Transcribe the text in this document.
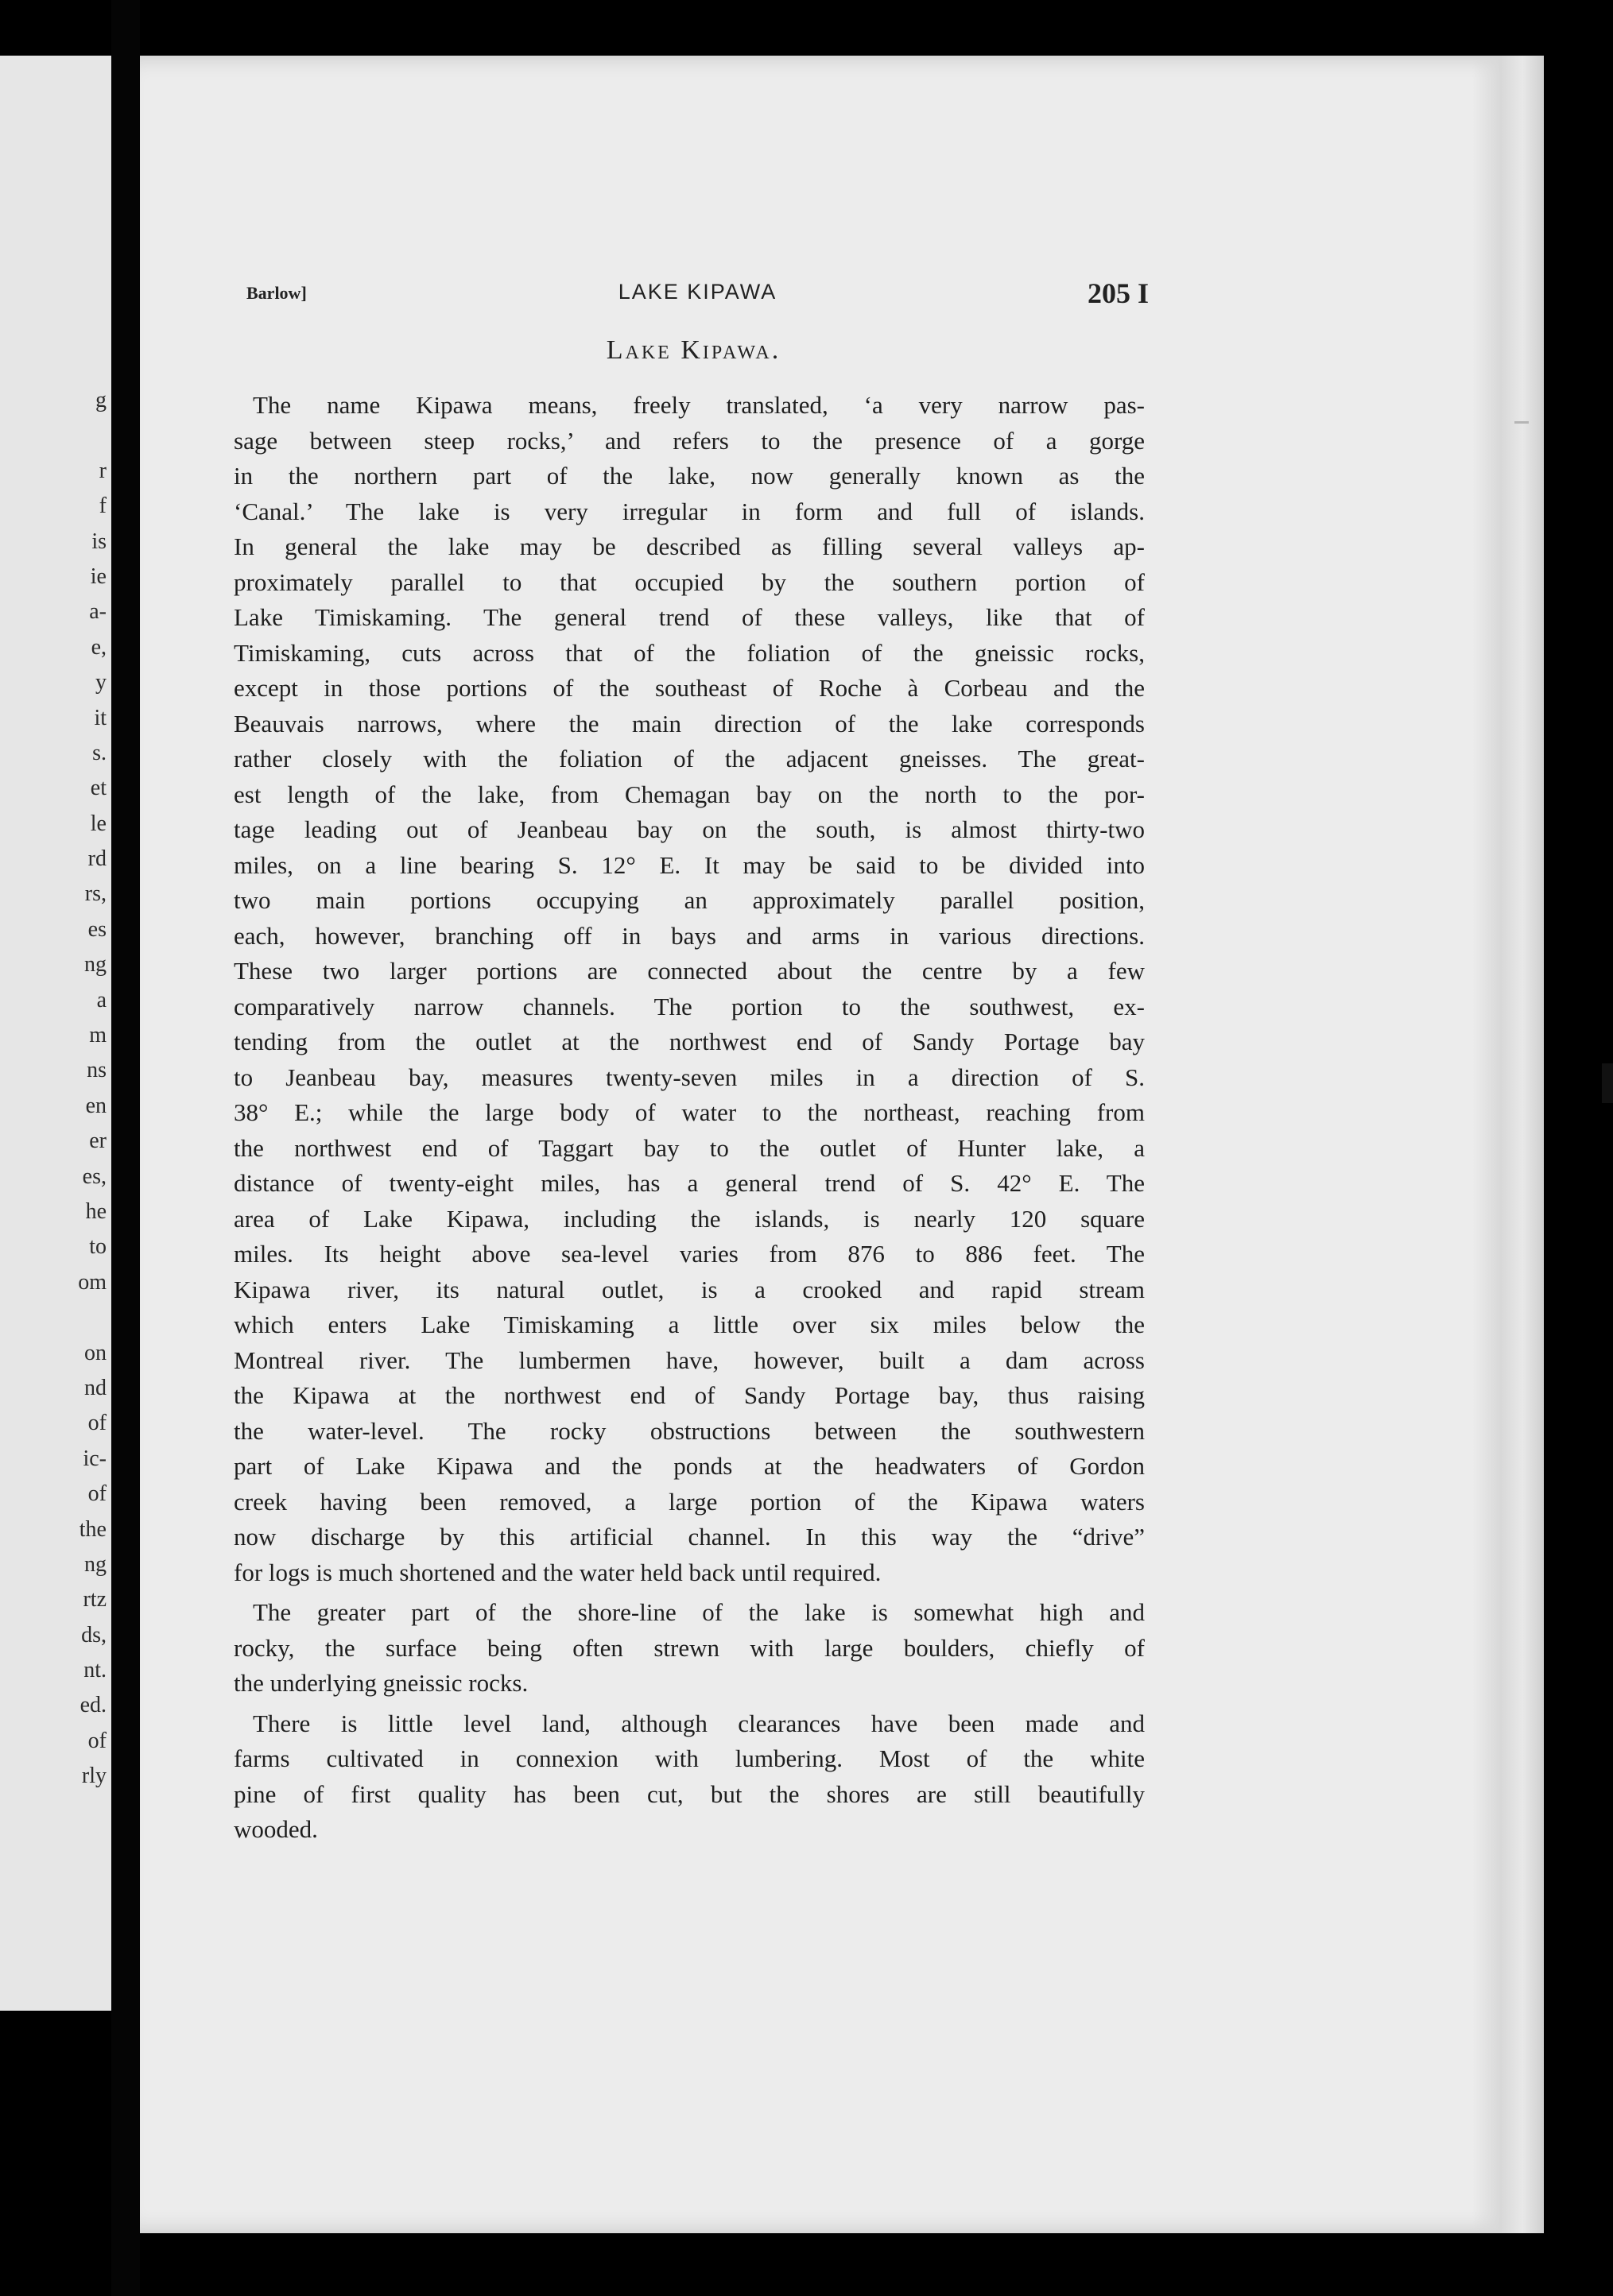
g
r
f
is
ie
a-
e,
y
it
s.
et
le
rd
rs,
es
ng
a
m
ns
en
er
es,
he
to
om
on
nd
of
ic-
of
the
ng
rtz
ds,
nt.
ed.
of
rly
Barlow]	LAKE KIPAWA	205 I
Lake Kipawa.

The name Kipawa means, freely translated, ‘a very narrow pas-
sage between steep rocks,’ and refers to the presence of a gorge
in the northern part of the lake, now generally known as the
‘Canal.’ The lake is very irregular in form and full of islands.
In general the lake may be described as filling several valleys ap-
proximately parallel to that occupied by the southern portion of
Lake Timiskaming. The general trend of these valleys, like that of
Timiskaming, cuts across that of the foliation of the gneissic rocks,
except in those portions of the southeast of Roche à Corbeau and the
Beauvais narrows, where the main direction of the lake corresponds
rather closely with the foliation of the adjacent gneisses. The great-
est length of the lake, from Chemagan bay on the north to the por-
tage leading out of Jeanbeau bay on the south, is almost thirty-two
miles, on a line bearing S. 12° E. It may be said to be divided into
two main portions occupying an approximately parallel position,
each, however, branching off in bays and arms in various directions.
These two larger portions are connected about the centre by a few
comparatively narrow channels. The portion to the southwest, ex-
tending from the outlet at the northwest end of Sandy Portage bay
to Jeanbeau bay, measures twenty-seven miles in a direction of S.
38° E.; while the large body of water to the northeast, reaching from
the northwest end of Taggart bay to the outlet of Hunter lake, a
distance of twenty-eight miles, has a general trend of S. 42° E. The
area of Lake Kipawa, including the islands, is nearly 120 square
miles. Its height above sea-level varies from 876 to 886 feet. The
Kipawa river, its natural outlet, is a crooked and rapid stream
which enters Lake Timiskaming a little over six miles below the
Montreal river. The lumbermen have, however, built a dam across
the Kipawa at the northwest end of Sandy Portage bay, thus raising
the water-level. The rocky obstructions between the southwestern
part of Lake Kipawa and the ponds at the headwaters of Gordon
creek having been removed, a large portion of the Kipawa waters
now discharge by this artificial channel. In this way the “drive”
for logs is much shortened and the water held back until required.

The greater part of the shore-line of the lake is somewhat high and
rocky, the surface being often strewn with large boulders, chiefly of
the underlying gneissic rocks.

There is little level land, although clearances have been made and
farms cultivated in connexion with lumbering. Most of the white
pine of first quality has been cut, but the shores are still beautifully
wooded.
